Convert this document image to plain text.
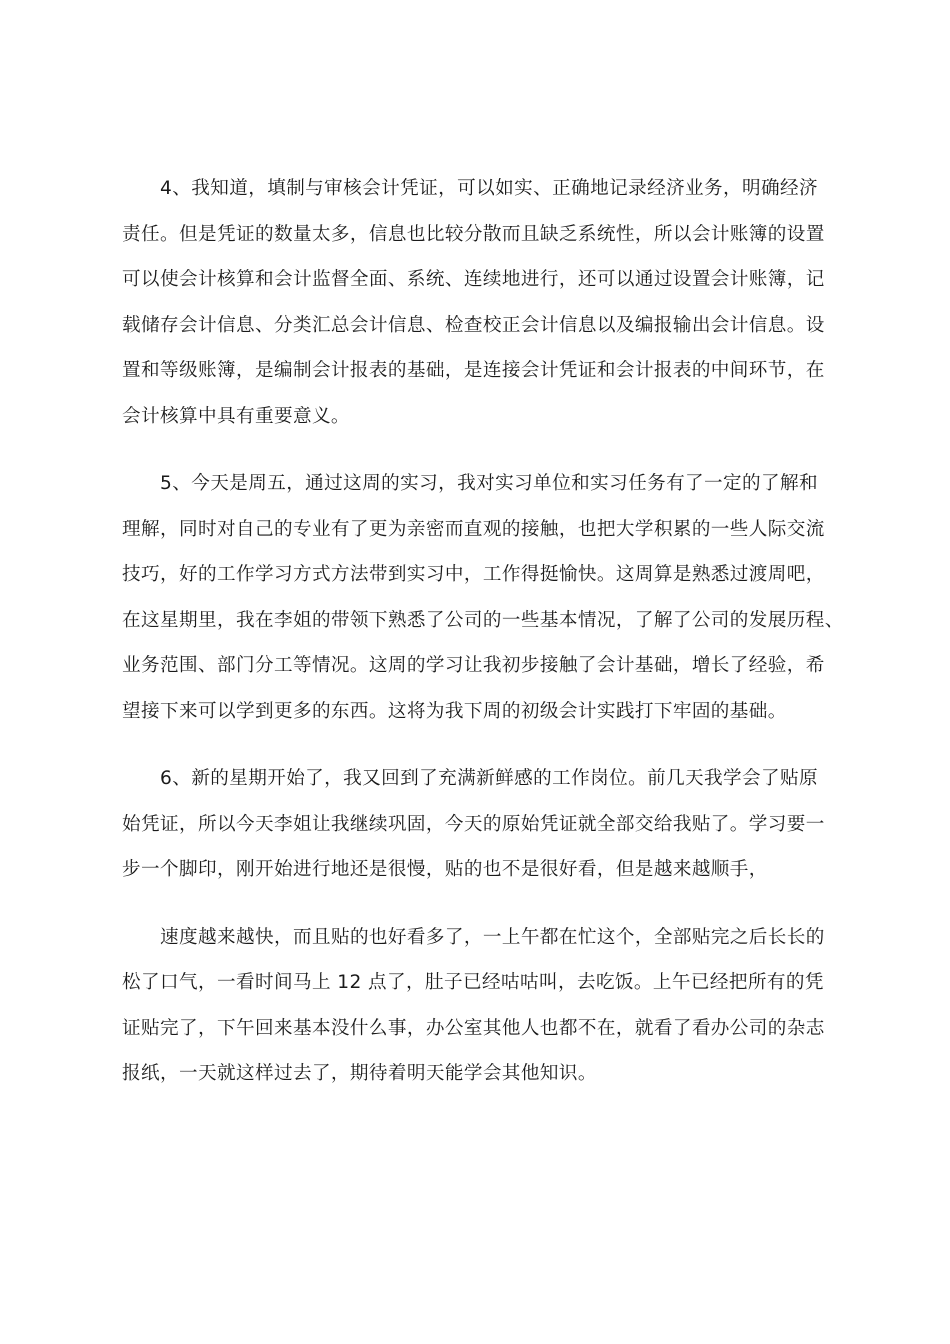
4、我知道，填制与审核会计凭证，可以如实、正确地记录经济业务，明确经济
责任。但是凭证的数量太多，信息也比较分散而且缺乏系统性，所以会计账簿的设置
可以使会计核算和会计监督全面、系统、连续地进行，还可以通过设置会计账簿，记
载储存会计信息、分类汇总会计信息、检查校正会计信息以及编报输出会计信息。设
置和等级账簿，是编制会计报表的基础，是连接会计凭证和会计报表的中间环节，在
会计核算中具有重要意义。

5、今天是周五，通过这周的实习，我对实习单位和实习任务有了一定的了解和
理解，同时对自己的专业有了更为亲密而直观的接触，也把大学积累的一些人际交流
技巧，好的工作学习方式方法带到实习中，工作得挺愉快。这周算是熟悉过渡周吧，
在这星期里，我在李姐的带领下熟悉了公司的一些基本情况，了解了公司的发展历程、
业务范围、部门分工等情况。这周的学习让我初步接触了会计基础，增长了经验，希
望接下来可以学到更多的东西。这将为我下周的初级会计实践打下牢固的基础。

6、新的星期开始了，我又回到了充满新鲜感的工作岗位。前几天我学会了贴原
始凭证，所以今天李姐让我继续巩固，今天的原始凭证就全部交给我贴了。学习要一
步一个脚印，刚开始进行地还是很慢，贴的也不是很好看，但是越来越顺手，

速度越来越快，而且贴的也好看多了，一上午都在忙这个，全部贴完之后长长的
松了口气，一看时间马上 12 点了，肚子已经咕咕叫，去吃饭。上午已经把所有的凭
证贴完了，下午回来基本没什么事，办公室其他人也都不在，就看了看办公司的杂志
报纸，一天就这样过去了，期待着明天能学会其他知识。
